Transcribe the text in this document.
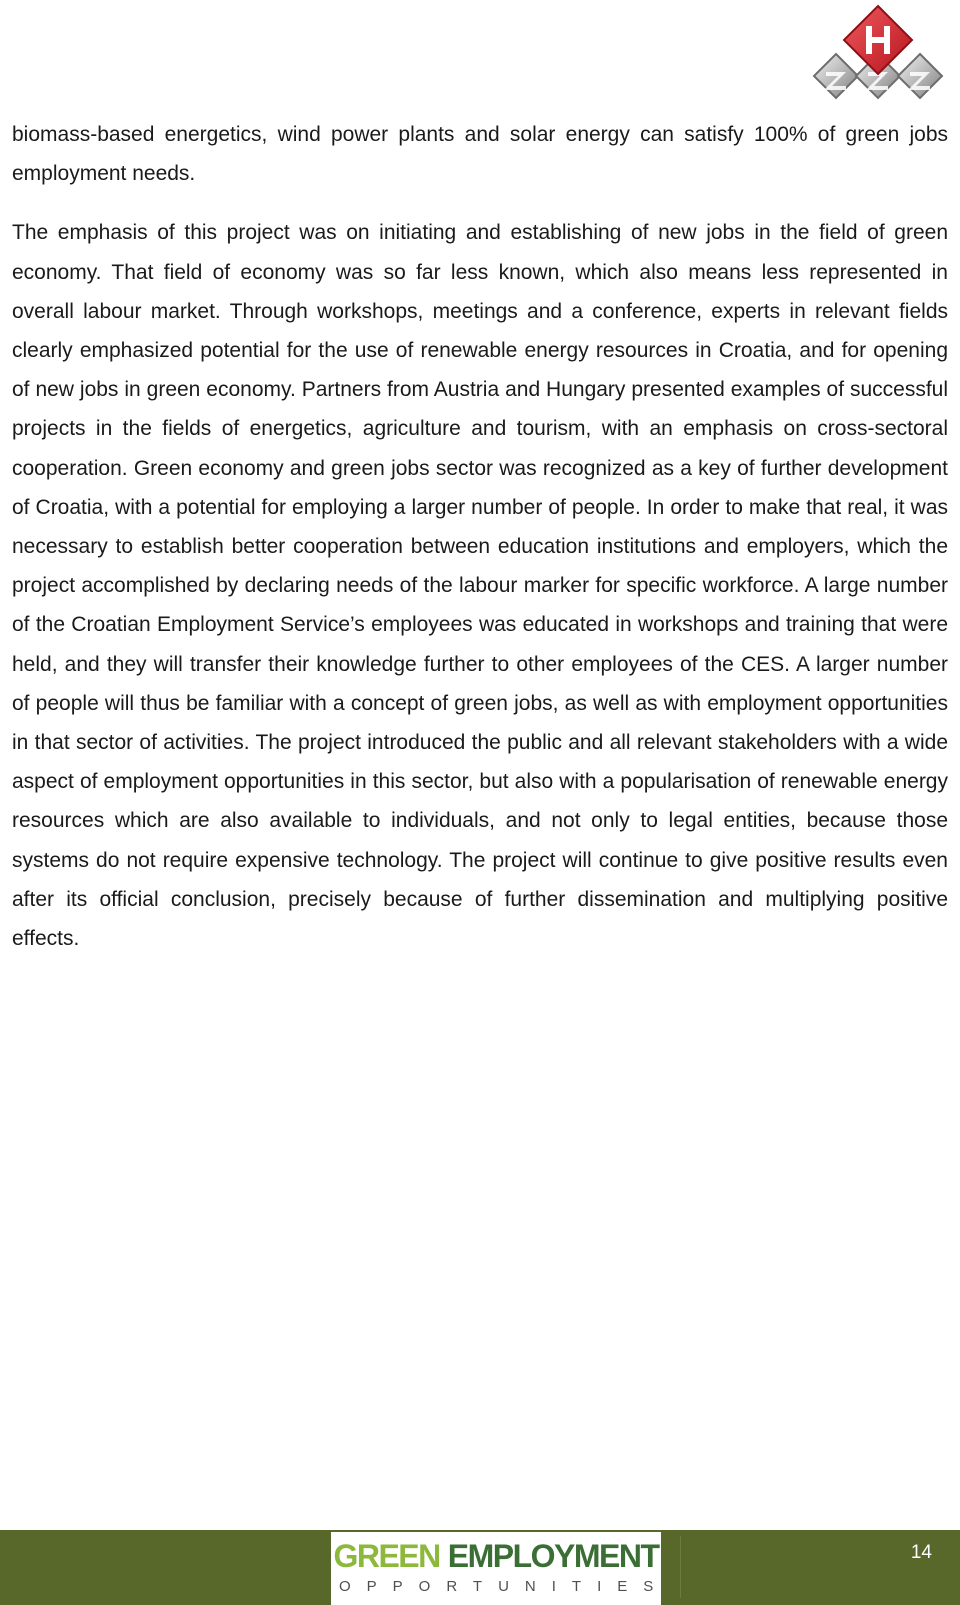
biomass-based energetics, wind power plants and solar energy can satisfy 100% of green jobs employment needs.

The emphasis of this project was on initiating and establishing of new jobs in the field of green economy. That field of economy was so far less known, which also means less represented in overall labour market. Through workshops, meetings and a conference, experts in relevant fields clearly emphasized potential for the use of renewable energy resources in Croatia, and for opening of new jobs in green economy. Partners from Austria and Hungary presented examples of successful projects in the fields of energetics, agriculture and tourism, with an emphasis on cross-sectoral cooperation. Green economy and green jobs sector was recognized as a key of further development of Croatia, with a potential for employing a larger number of people. In order to make that real, it was necessary to establish better cooperation between education institutions and employers, which the project accomplished by declaring needs of the labour marker for specific workforce. A large number of the Croatian Employment Service’s employees was educated in workshops and training that were held, and they will transfer their knowledge further to other employees of the CES. A larger number of people will thus be familiar with a concept of green jobs, as well as with employment opportunities in that sector of activities. The project introduced the public and all relevant stakeholders with a wide aspect of employment opportunities in this sector, but also with a popularisation of renewable energy resources which are also available to individuals, and not only to legal entities, because those systems do not require expensive technology. The project will continue to give positive results even after its official conclusion, precisely because of further dissemination and multiplying positive effects.

GREEN EMPLOYMENT
OPPORTUNITIES
14
